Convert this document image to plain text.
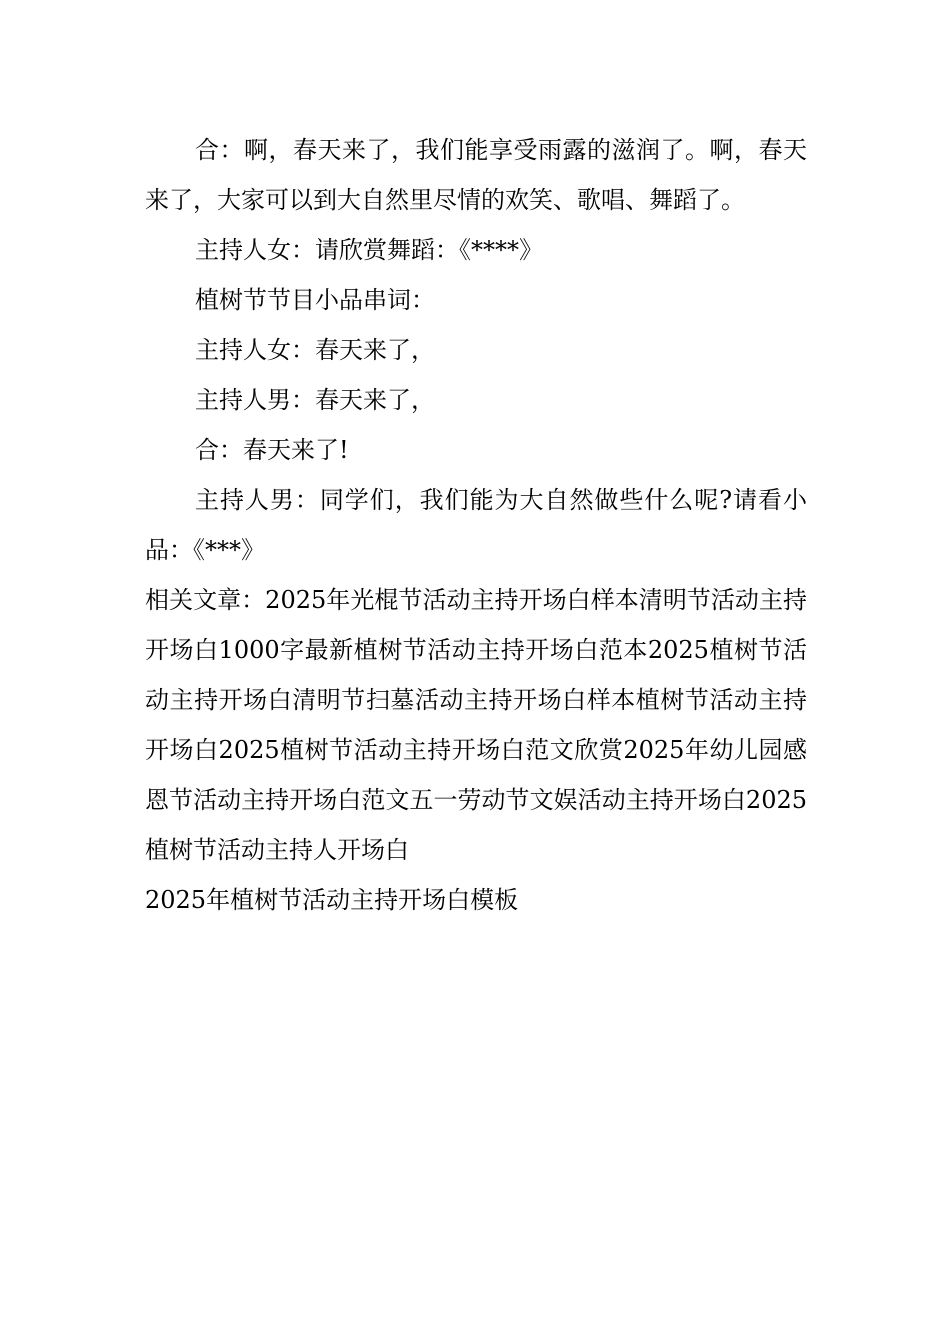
合：啊，春天来了，我们能享受雨露的滋润了。啊，春天来了，大家可以到大自然里尽情的欢笑、歌唱、舞蹈了。

主持人女：请欣赏舞蹈：《****》

植树节节目小品串词：

主持人女：春天来了，

主持人男：春天来了，

合：春天来了!

主持人男：同学们，我们能为大自然做些什么呢?请看小品：《***》

相关文章：2025年光棍节活动主持开场白样本清明节活动主持开场白1000字最新植树节活动主持开场白范本2025植树节活动主持开场白清明节扫墓活动主持开场白样本植树节活动主持开场白2025植树节活动主持开场白范文欣赏2025年幼儿园感恩节活动主持开场白范文五一劳动节文娱活动主持开场白2025植树节活动主持人开场白

2025年植树节活动主持开场白模板
